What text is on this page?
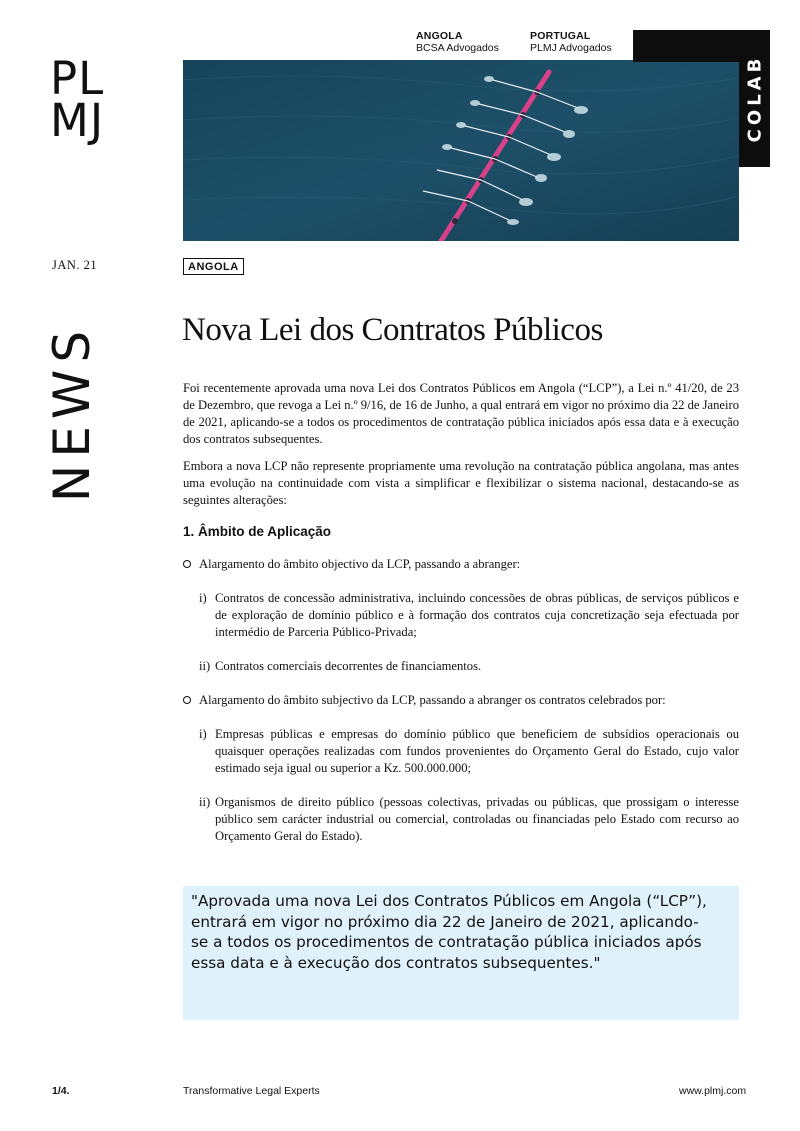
PL
MJ
ANGOLA
BCSA Advogados
PORTUGAL
PLMJ Advogados
COLAB
JAN. 21	ANGOLA
NEWS Nova Lei dos Contratos Públicos

Foi recentemente aprovada uma nova Lei dos Contratos Públicos em Angola (“LCP”), a Lei n.º 41/20, de 23 de Dezembro, que revoga a Lei n.º 9/16, de 16 de Junho, a qual entrará em vigor no próximo dia 22 de Janeiro de 2021, aplicando-se a todos os procedimentos de contratação pública iniciados após essa data e à execução dos contratos subsequentes.

Embora a nova LCP não represente propriamente uma revolução na contratação pública angolana, mas antes uma evolução na continuidade com vista a simplificar e flexibilizar o sistema nacional, destacando-se as seguintes alterações:

1. Âmbito de Aplicação

Alargamento do âmbito objectivo da LCP, passando a abranger:

i) Contratos de concessão administrativa, incluindo concessões de obras públicas, de serviços públicos e de exploração de domínio público e à formação dos contratos cuja concretização seja efectuada por intermédio de Parceria Público-Privada;

ii) Contratos comerciais decorrentes de financiamentos.

Alargamento do âmbito subjectivo da LCP, passando a abranger os contratos celebrados por:

i) Empresas públicas e empresas do domínio público que beneficiem de subsídios operacionais ou quaisquer operações realizadas com fundos provenientes do Orçamento Geral do Estado, cujo valor estimado seja igual ou superior a Kz. 500.000.000;

ii) Organismos de direito público (pessoas colectivas, privadas ou públicas, que prossigam o interesse público sem carácter industrial ou comercial, controladas ou financiadas pelo Estado com recurso ao Orçamento Geral do Estado).

"Aprovada uma nova Lei dos Contratos Públicos em Angola (“LCP”), entrará em vigor no próximo dia 22 de Janeiro de 2021, aplicando-se a todos os procedimentos de contratação pública iniciados após essa data e à execução dos contratos subsequentes."
1/4.	Transformative Legal Experts	www.plmj.com
